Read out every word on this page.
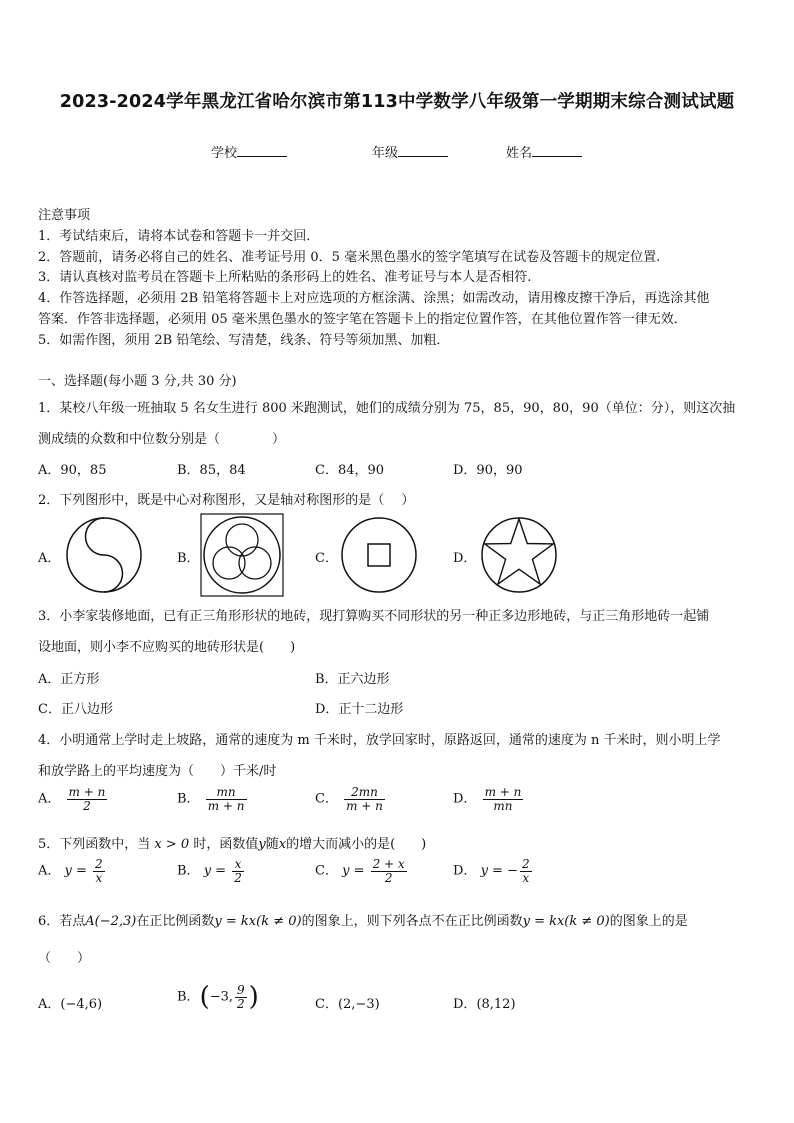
2023-2024学年黑龙江省哈尔滨市第113中学数学八年级第一学期期末综合测试试题
学校	年级	姓名
注意事项
1．考试结束后，请将本试卷和答题卡一并交回．
2．答题前，请务必将自己的姓名、准考证号用 0．5 毫米黑色墨水的签字笔填写在试卷及答题卡的规定位置.
3．请认真核对监考员在答题卡上所粘贴的条形码上的姓名、准考证号与本人是否相符.
4．作答选择题，必须用 2B 铅笔将答题卡上对应选项的方框涂满、涂黑；如需改动，请用橡皮擦干净后，再选涂其他
答案．作答非选择题，必须用 05 毫米黑色墨水的签字笔在答题卡上的指定位置作答，在其他位置作答一律无效．
5．如需作图，须用 2B 铅笔绘、写清楚，线条、符号等须加黑、加粗．
一、选择题(每小题 3 分,共 30 分)
1．某校八年级一班抽取 5 名女生进行 800 米跑测试，她们的成绩分别为 75，85，90，80，90（单位：分），则这次抽
测成绩的众数和中位数分别是（　　　　）
A．90，85	B．85，84	C．84，90	D．90，90
2．下列图形中，既是中心对称图形，又是轴对称图形的是（　 ）
A．	B．	C．	D．
3．小李家装修地面，已有正三角形形状的地砖，现打算购买不同形状的另一种正多边形地砖，与正三角形地砖一起铺
设地面，则小李不应购买的地砖形状是(　　)
A．正方形	B．正六边形
C．正八边形	D．正十二边形
4．小明通常上学时走上坡路，通常的速度为 m 千米时，放学回家时，原路返回，通常的速度为 n 千米时，则小明上学
和放学路上的平均速度为（　　）千米/时
A． $\frac{m + n}{2}$	B． $\frac{mn}{m + n}$	C． $\frac{2mn}{m + n}$	D． $\frac{m + n}{mn}$
5．下列函数中，当 x > 0 时，函数值y随x的增大而减小的是(　　)
A． $y = \frac{2}{x}$	B． $y = \frac{x}{2}$	C． $y = \frac{2 + x}{2}$	D． y = − $\frac{2}{x}$
6．若点A(−2,3)在正比例函数y = kx(k ≠ 0)的图象上，则下列各点不在正比例函数y = kx(k ≠ 0)的图象上的是
（　　）
A．(−4,6)	B．(−3, $\frac{9}{2}$ )	C．(2,−3)	D．(8,12)
